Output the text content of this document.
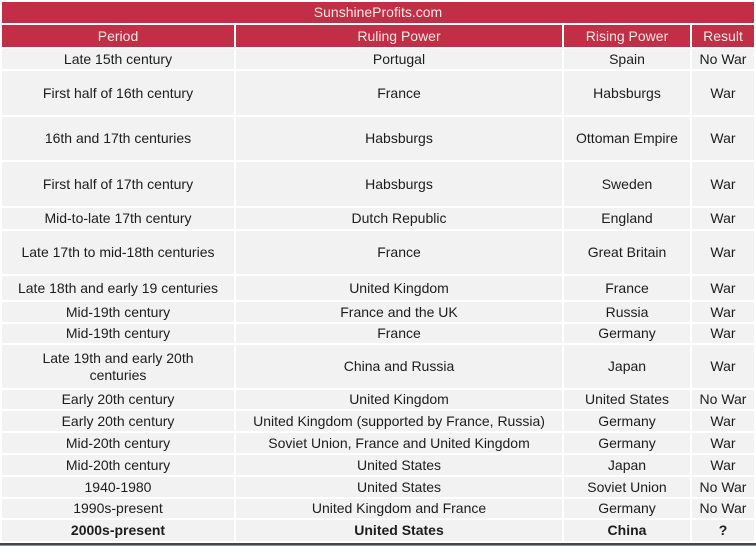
SunshineProfits.com
Period	Ruling Power	Rising Power	Result
Late 15th century	Portugal	Spain	No War
First half of 16th century	France	Habsburgs	War
16th and 17th centuries	Habsburgs	Ottoman Empire	War
First half of 17th century	Habsburgs	Sweden	War
Mid-to-late 17th century	Dutch Republic	England	War
Late 17th to mid-18th centuries	France	Great Britain	War
Late 18th and early 19 centuries	United Kingdom	France	War
Mid-19th century	France and the UK	Russia	War
Mid-19th century	France	Germany	War
Late 19th and early 20th centuries	China and Russia	Japan	War
Early 20th century	United Kingdom	United States	No War
Early 20th century	United Kingdom (supported by France, Russia)	Germany	War
Mid-20th century	Soviet Union, France and United Kingdom	Germany	War
Mid-20th century	United States	Japan	War
1940-1980	United States	Soviet Union	No War
1990s-present	United Kingdom and France	Germany	No War
2000s-present	United States	China	?
